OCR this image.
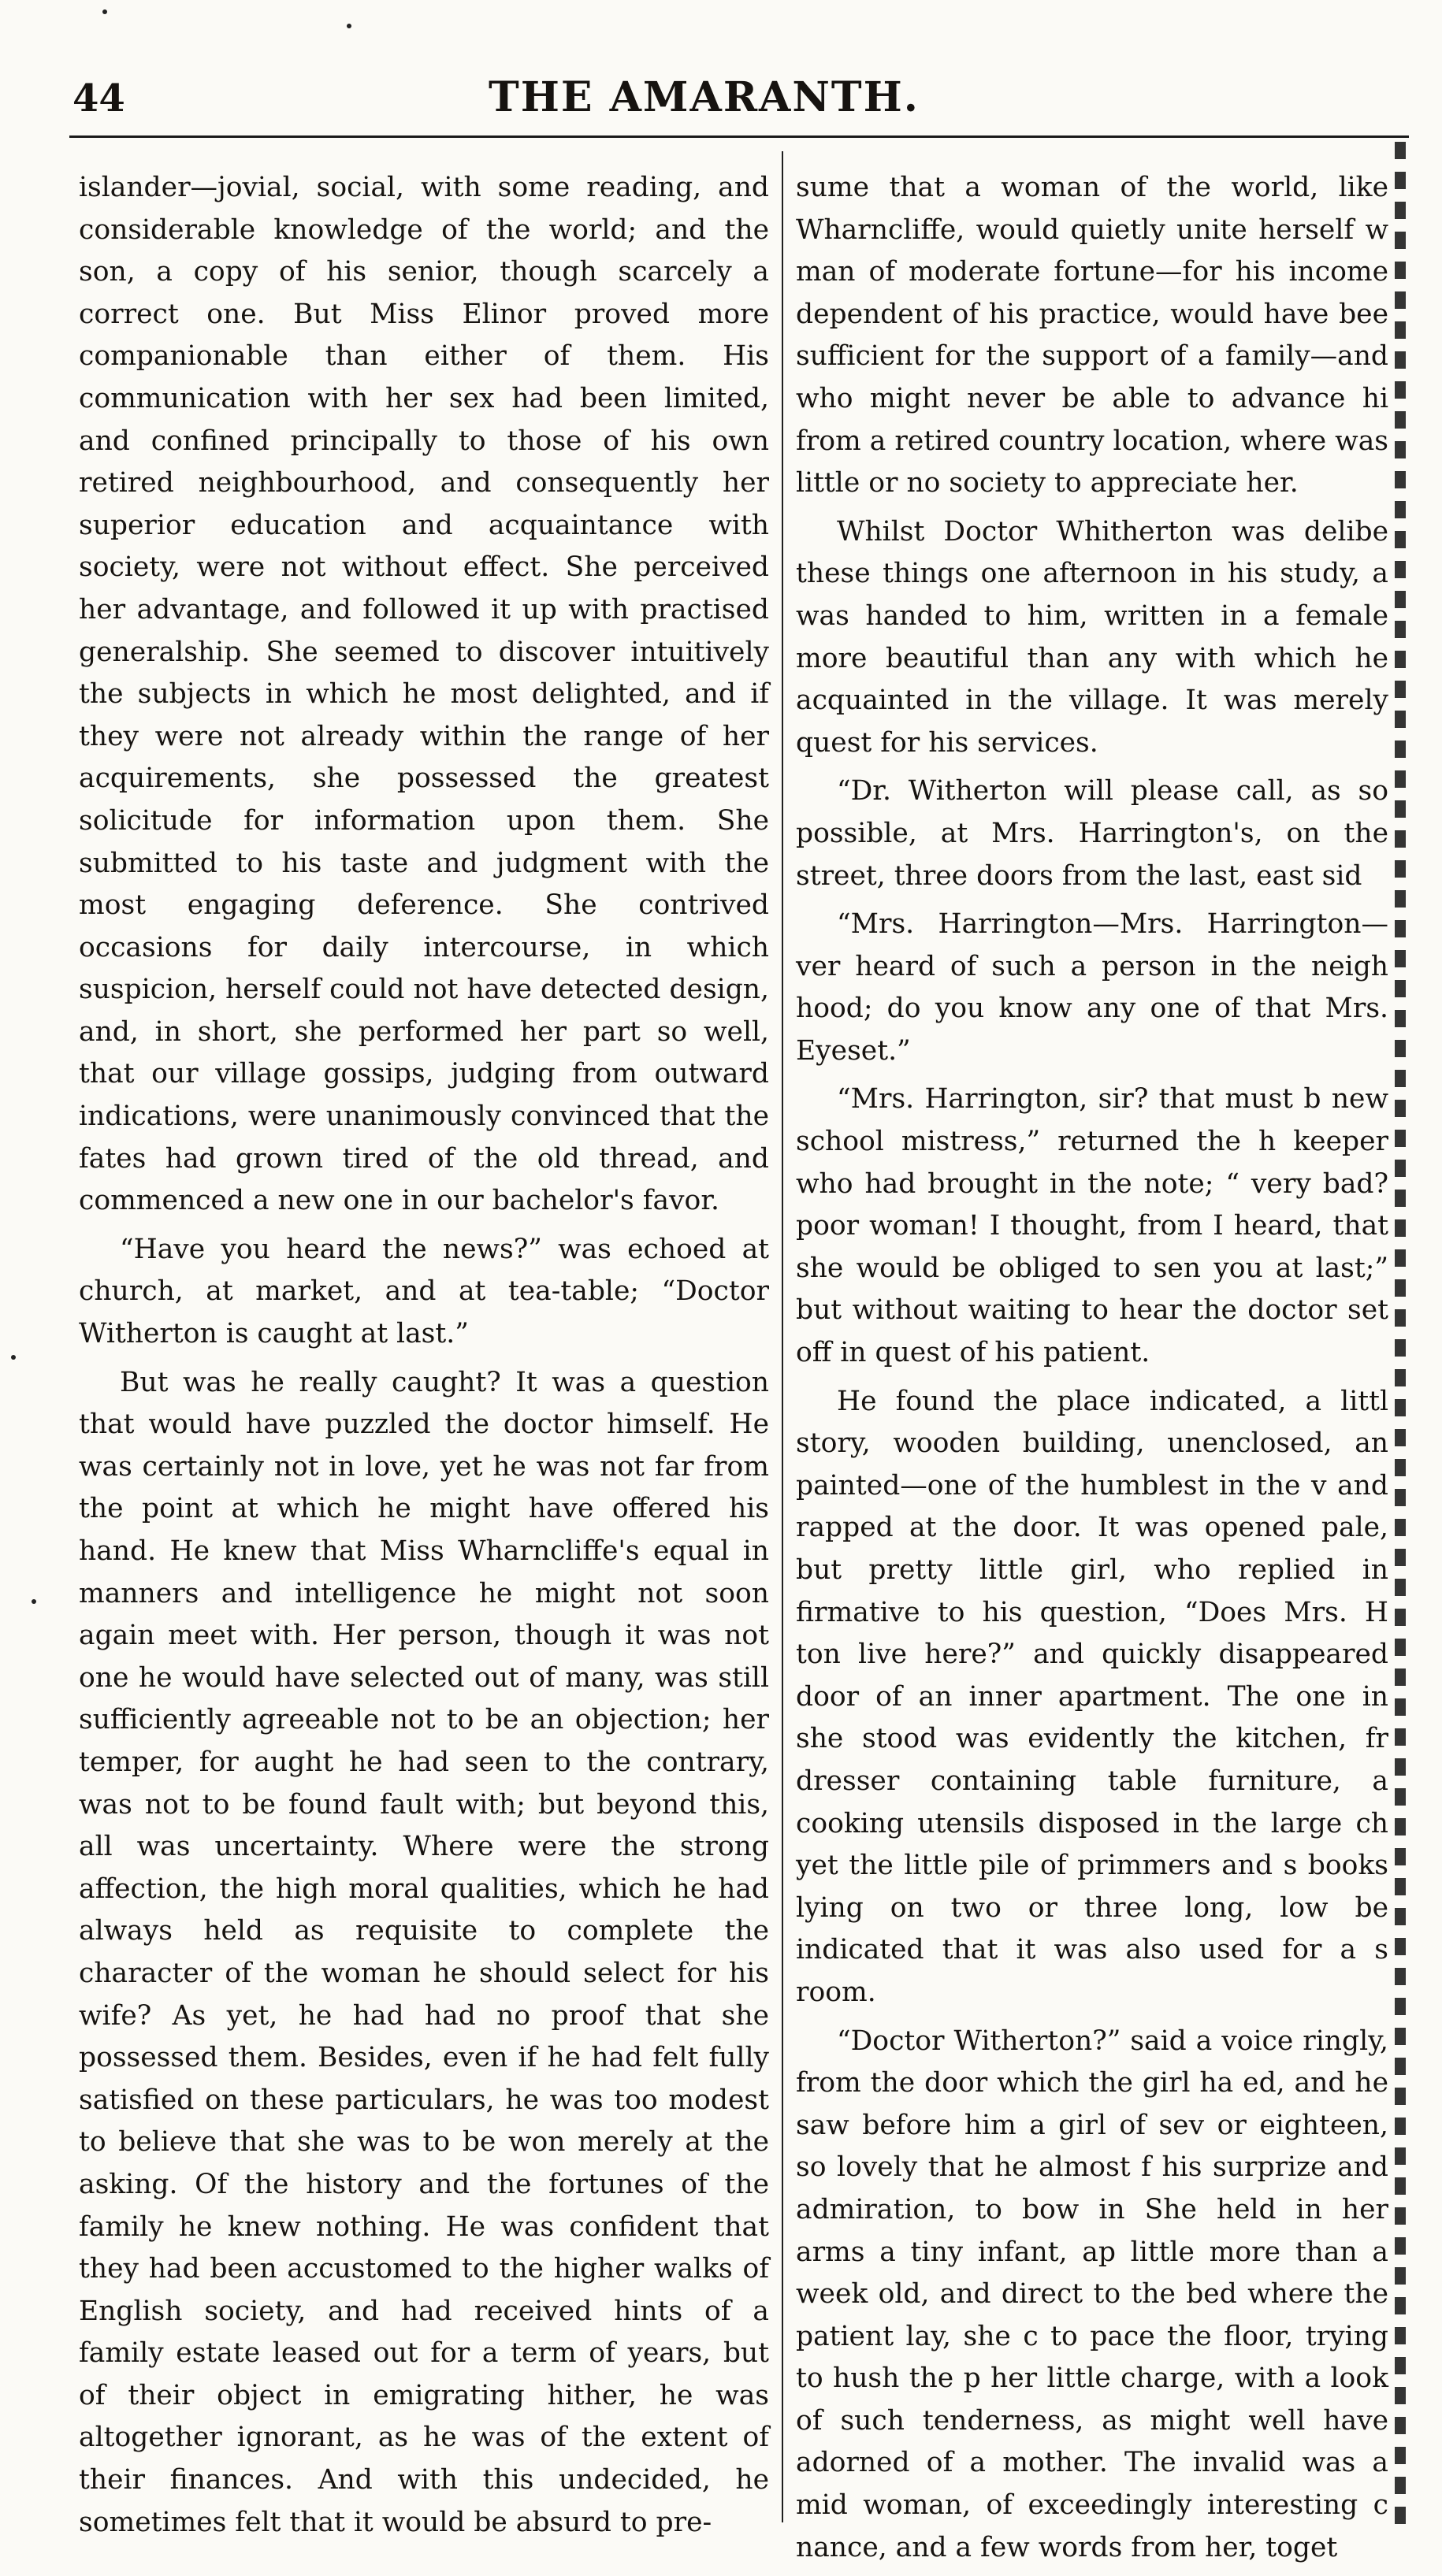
44	THE AMARANTH.

islander—jovial, social, with some reading, and considerable knowledge of the world; and the son, a copy of his senior, though scarcely a correct one. But Miss Elinor proved more companionable than either of them. His communication with her sex had been limited, and confined principally to those of his own retired neighbourhood, and consequently her superior education and acquaintance with society, were not without effect. She perceived her advantage, and followed it up with practised generalship. She seemed to discover intuitively the subjects in which he most delighted, and if they were not already within the range of her acquirements, she possessed the greatest solicitude for information upon them. She submitted to his taste and judgment with the most engaging deference. She contrived occasions for daily intercourse, in which suspicion, herself could not have detected design, and, in short, she performed her part so well, that our village gossips, judging from outward indications, were unanimously convinced that the fates had grown tired of the old thread, and commenced a new one in our bachelor's favor.

“Have you heard the news?” was echoed at church, at market, and at tea-table; “Doctor Witherton is caught at last.”

But was he really caught? It was a question that would have puzzled the doctor himself. He was certainly not in love, yet he was not far from the point at which he might have offered his hand. He knew that Miss Wharncliffe's equal in manners and intelligence he might not soon again meet with. Her person, though it was not one he would have selected out of many, was still sufficiently agreeable not to be an objection; her temper, for aught he had seen to the contrary, was not to be found fault with; but beyond this, all was uncertainty. Where were the strong affection, the high moral qualities, which he had always held as requisite to complete the character of the woman he should select for his wife? As yet, he had had no proof that she possessed them. Besides, even if he had felt fully satisfied on these particulars, he was too modest to believe that she was to be won merely at the asking. Of the history and the fortunes of the family he knew nothing. He was confident that they had been accustomed to the higher walks of English society, and had received hints of a family estate leased out for a term of years, but of their object in emigrating hither, he was altogether ignorant, as he was of the extent of their finances. And with this undecided, he sometimes felt that it would be absurd to pre-

sume that a woman of the world, like Wharncliffe, would quietly unite herself w man of moderate fortune—for his income dependent of his practice, would have bee sufficient for the support of a family—and who might never be able to advance hi from a retired country location, where was little or no society to appreciate her.

Whilst Doctor Whitherton was delibe these things one afternoon in his study, a was handed to him, written in a female more beautiful than any with which he acquainted in the village. It was merely quest for his services.

“Dr. Witherton will please call, as so possible, at Mrs. Harrington's, on the street, three doors from the last, east sid

“Mrs. Harrington—Mrs. Harrington— ver heard of such a person in the neigh hood; do you know any one of that Mrs. Eyeset.”

“Mrs. Harrington, sir? that must b new school mistress,” returned the h keeper who had brought in the note; “ very bad? poor woman! I thought, from I heard, that she would be obliged to sen you at last;” but without waiting to hear the doctor set off in quest of his patient.

He found the place indicated, a littl story, wooden building, unenclosed, an painted—one of the humblest in the v and rapped at the door. It was opened pale, but pretty little girl, who replied in firmative to his question, “Does Mrs. H ton live here?” and quickly disappeared door of an inner apartment. The one in she stood was evidently the kitchen, fr dresser containing table furniture, a cooking utensils disposed in the large ch yet the little pile of primmers and s books lying on two or three long, low be indicated that it was also used for a s room.

“Doctor Witherton?” said a voice ringly, from the door which the girl ha ed, and he saw before him a girl of sev or eighteen, so lovely that he almost f his surprize and admiration, to bow in She held in her arms a tiny infant, ap little more than a week old, and direct to the bed where the patient lay, she c to pace the floor, trying to hush the p her little charge, with a look of such tenderness, as might well have adorned of a mother. The invalid was a mid woman, of exceedingly interesting c nance, and a few words from her, toget
